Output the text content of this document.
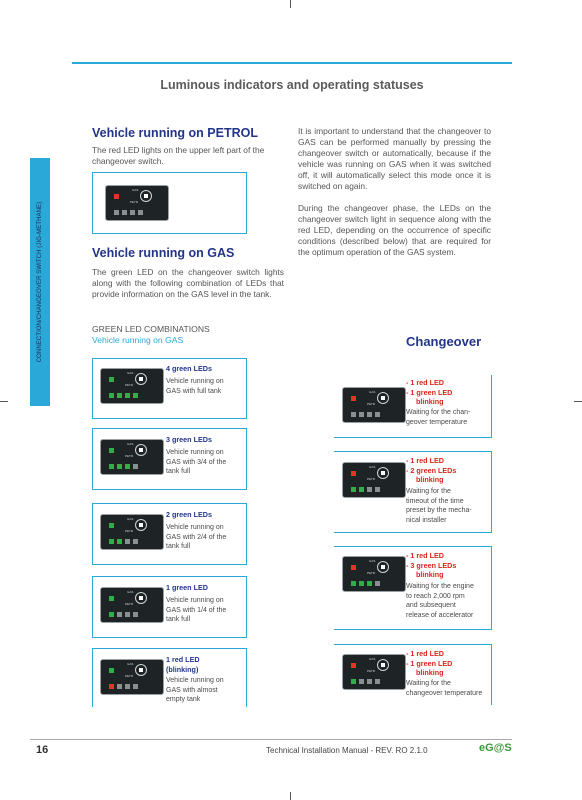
Luminous indicators and operating statuses
CONNECTION/CHANGEOVER SWITCH (JIG-METHANE)
Vehicle running on PETROL
The red LED lights on the upper left part of the changeover switch.
GAS
PETR
Vehicle running on GAS
The green LED on the changeover switch lights along with the following combination of LEDs that provide information on the GAS level in the tank.

It is important to understand that the changeover to GAS can be performed manually by pressing the changeover switch or automatically, because if the vehicle was running on GAS when it was switched off, it will automatically select this mode once it is switched on again.

During the changeover phase, the LEDs on the changeover switch light in sequence along with the red LED, depending on the occurrence of specific conditions (described below) that are required for the optimum operation of the GAS system.

GREEN LED COMBINATIONS
Vehicle running on GAS	Changeover
GAS
PETR
4 green LEDs
Vehicle running on
GAS with full tank
GAS
PETR
3 green LEDs
Vehicle running on
GAS with 3/4 of the
tank full
GAS
PETR
2 green LEDs
Vehicle running on
GAS with 2/4 of the
tank full
GAS
PETR
1 green LED
Vehicle running on
GAS with 1/4 of the
tank full
GAS
PETR
1 red LED
(blinking)
Vehicle running on
GAS with almost
empty tank
GAS
PETR
- 1 red LED
- 1 green LED
blinking
Waiting for the chan-
geover temperature
GAS
PETR
- 1 red LED
- 2 green LEDs
blinking
Waiting for the
timeout of the time
preset by the mecha-
nical installer
GAS
PETR
- 1 red LED
- 3 green LEDs
blinking
Waiting for the engine
to reach 2,000 rpm
and subsequent
release of accelerator
GAS
PETR
- 1 red LED
- 1 green LED
blinking
Waiting for the
changeover temperature
16	Technical Installation Manual - REV. RO 2.1.0	eG@S
